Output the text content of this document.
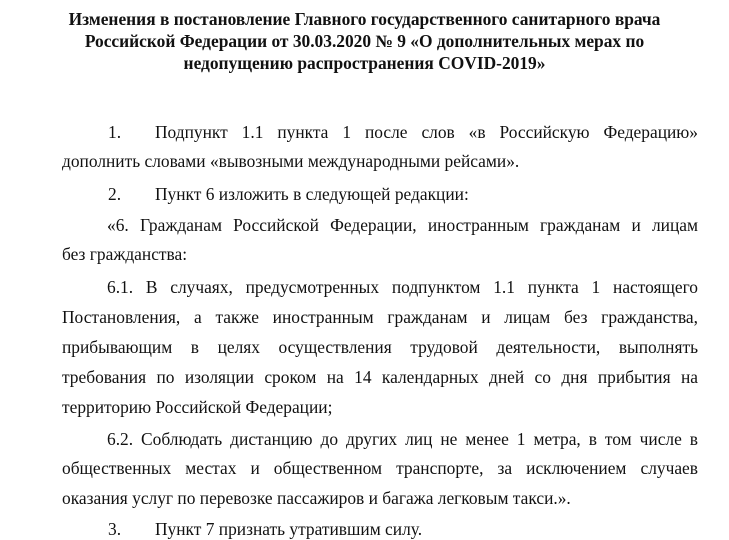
Изменения в постановление Главного государственного санитарного врача
Российской Федерации от 30.03.2020 № 9 «О дополнительных мерах по
недопущению распространения COVID-2019»
1. Подпункт 1.1 пункта 1 после слов «в Российскую Федерацию»
дополнить словами «вывозными международными рейсами».
2. Пункт 6 изложить в следующей редакции:
«6. Гражданам Российской Федерации, иностранным гражданам и лицам
без гражданства:
6.1. В случаях, предусмотренных подпунктом 1.1 пункта 1 настоящего
Постановления, а также иностранным гражданам и лицам без гражданства,
прибывающим в целях осуществления трудовой деятельности, выполнять
требования по изоляции сроком на 14 календарных дней со дня прибытия на
территорию Российской Федерации;
6.2. Соблюдать дистанцию до других лиц не менее 1 метра, в том числе в
общественных местах и общественном транспорте, за исключением случаев
оказания услуг по перевозке пассажиров и багажа легковым такси.».
3. Пункт 7 признать утратившим силу.
